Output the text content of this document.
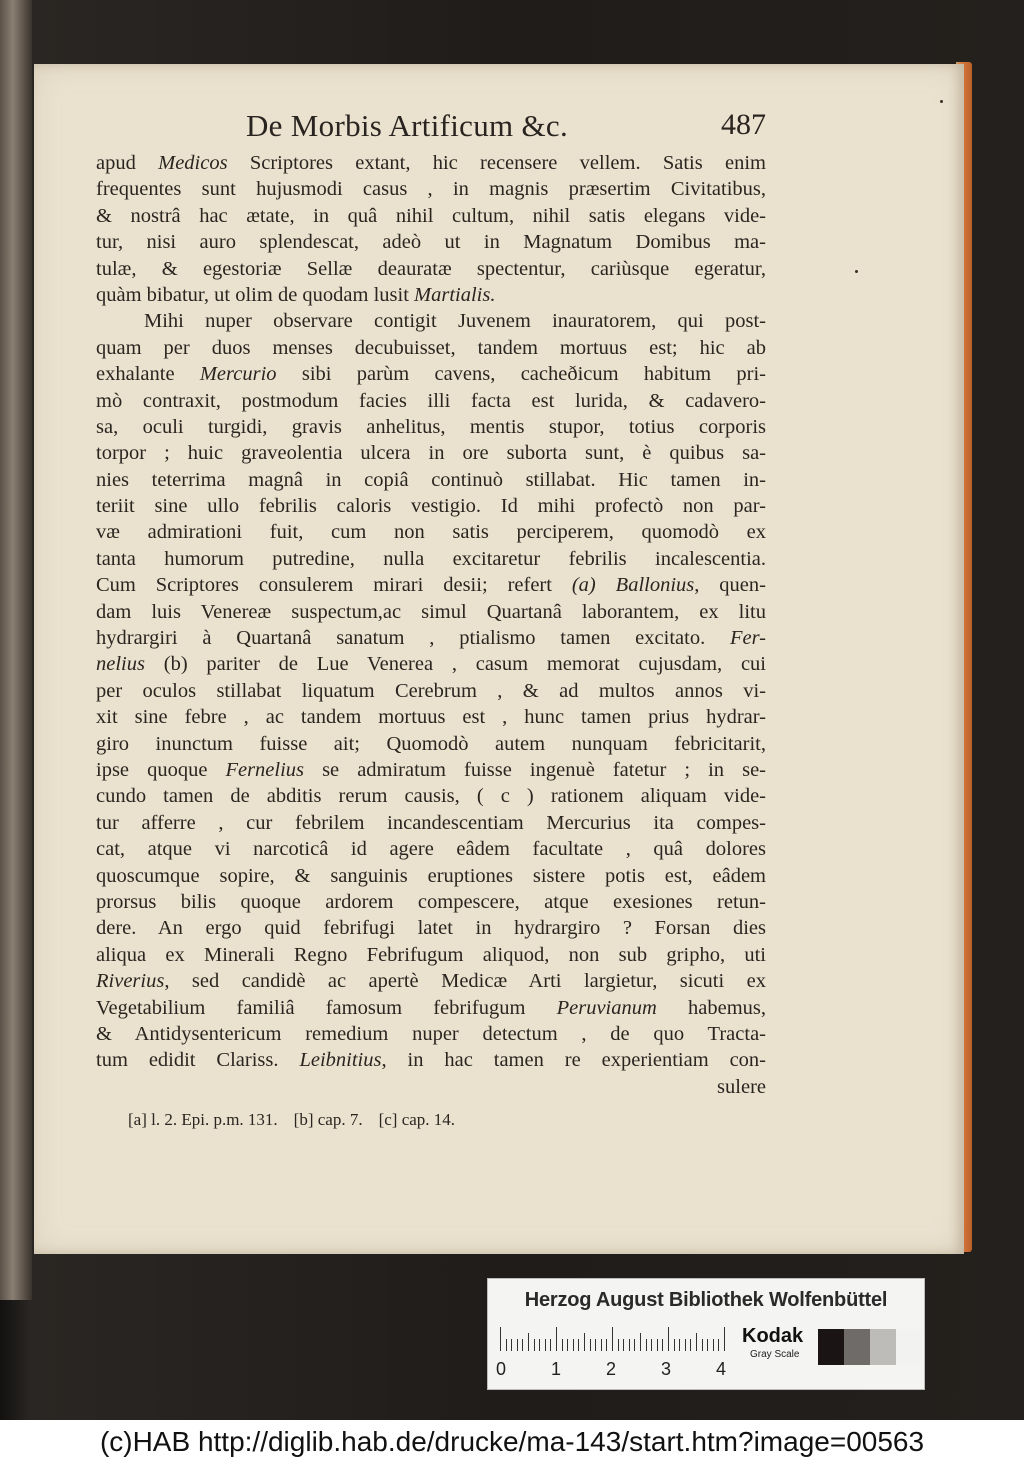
De Morbis Artificum &c.	487
apud Medicos Scriptores extant, hic recensere vellem. Satis enim
frequentes sunt hujusmodi casus , in magnis præsertim Civitatibus,
& nostrâ hac ætate, in quâ nihil cultum, nihil satis elegans vide-
tur, nisi auro splendescat, adeò ut in Magnatum Domibus ma-
tulæ, & egestoriæ Sellæ deauratæ spectentur, cariùsque egeratur,
quàm bibatur, ut olim de quodam lusit Martialis.
Mihi nuper observare contigit Juvenem inauratorem, qui post-
quam per duos menses decubuisset, tandem mortuus est; hic ab
exhalante Mercurio sibi parùm cavens, cacheðicum habitum pri-
mò contraxit, postmodum facies illi facta est lurida, & cadavero-
sa, oculi turgidi, gravis anhelitus, mentis stupor, totius corporis
torpor ; huic graveolentia ulcera in ore suborta sunt, è quibus sa-
nies teterrima magnâ in copiâ continuò stillabat. Hic tamen in-
teriit sine ullo febrilis caloris vestigio. Id mihi profectò non par-
væ admirationi fuit, cum non satis perciperem, quomodò ex
tanta humorum putredine, nulla excitaretur febrilis incalescentia.
Cum Scriptores consulerem mirari desii; refert (a) Ballonius, quen-
dam luis Venereæ suspectum,ac simul Quartanâ laborantem, ex litu
hydrargiri à Quartanâ sanatum , ptialismo tamen excitato. Fer-
nelius (b) pariter de Lue Venerea , casum memorat cujusdam, cui
per oculos stillabat liquatum Cerebrum , & ad multos annos vi-
xit sine febre , ac tandem mortuus est , hunc tamen prius hydrar-
giro inunctum fuisse ait; Quomodò autem nunquam febricitarit,
ipse quoque Fernelius se admiratum fuisse ingenuè fatetur ; in se-
cundo tamen de abditis rerum causis, ( c ) rationem aliquam vide-
tur afferre , cur febrilem incandescentiam Mercurius ita compes-
cat, atque vi narcoticâ id agere eâdem facultate , quâ dolores
quoscumque sopire, & sanguinis eruptiones sistere potis est, eâdem
prorsus bilis quoque ardorem compescere, atque exesiones retun-
dere. An ergo quid febrifugi latet in hydrargiro ? Forsan dies
aliqua ex Minerali Regno Febrifugum aliquod, non sub gripho, uti
Riverius, sed candidè ac apertè Medicæ Arti largietur, sicuti ex
Vegetabilium familiâ famosum febrifugum Peruvianum habemus,
& Antidysentericum remedium nuper detectum , de quo Tracta-
tum edidit Clariss. Leibnitius, in hac tamen re experientiam con-
sulere
[a] l. 2. Epi. p.m. 131. [b] cap. 7. [c] cap. 14.
Herzog August Bibliothek Wolfenbüttel
0 1 2 3 4
Kodak
Gray Scale
(c)HAB http://diglib.hab.de/drucke/ma-143/start.htm?image=00563
